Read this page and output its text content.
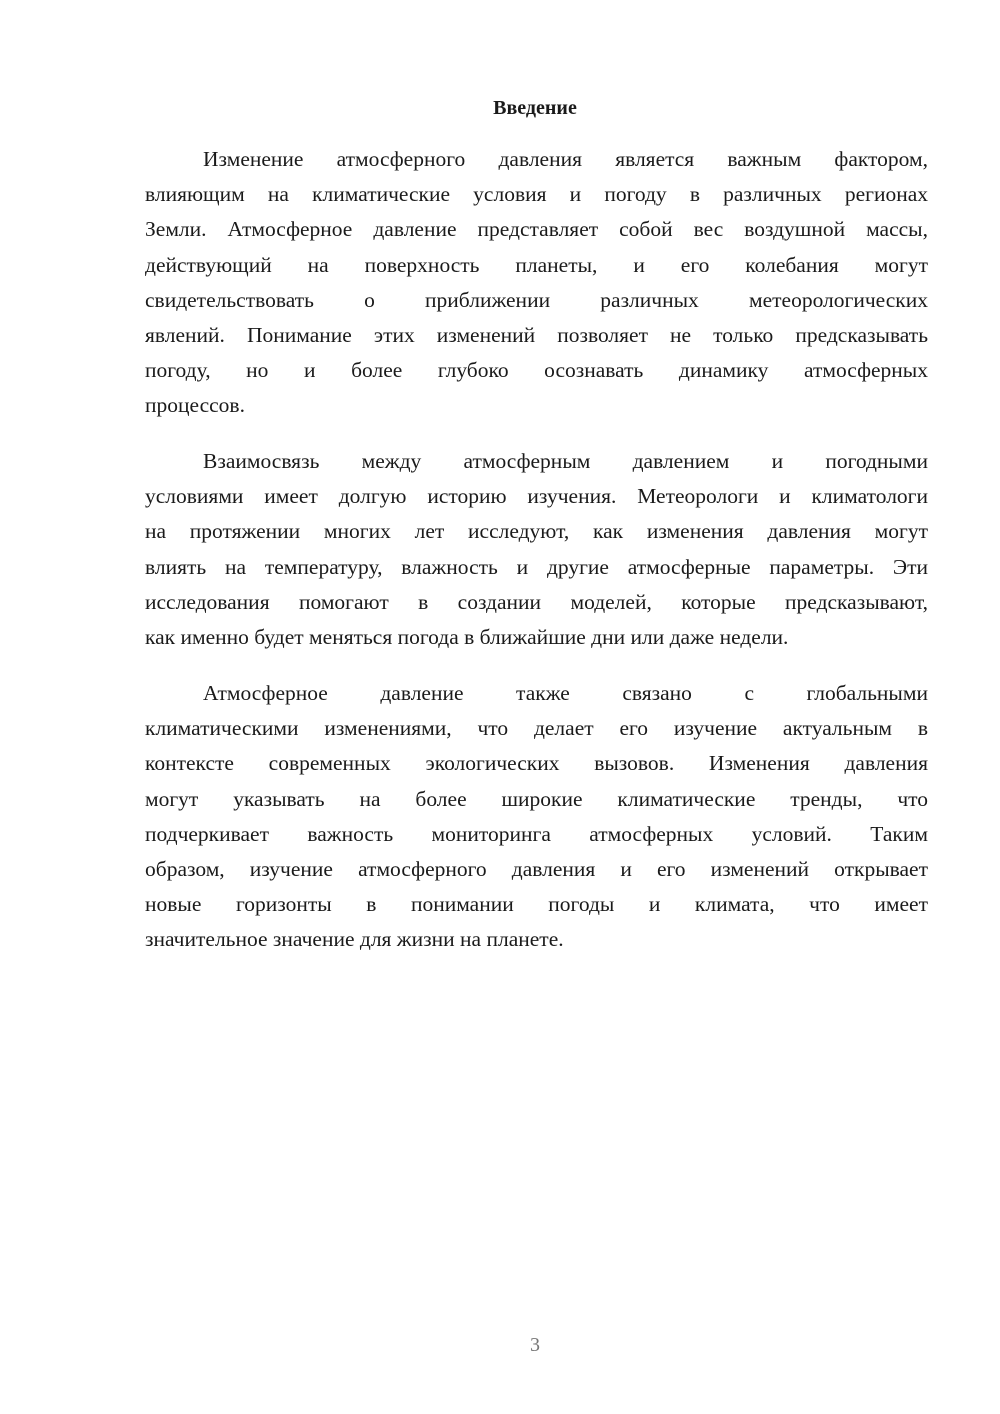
Введение
Изменение атмосферного давления является важным фактором,
влияющим на климатические условия и погоду в различных регионах
Земли. Атмосферное давление представляет собой вес воздушной массы,
действующий на поверхность планеты, и его колебания могут
свидетельствовать о приближении различных метеорологических
явлений. Понимание этих изменений позволяет не только предсказывать
погоду, но и более глубоко осознавать динамику атмосферных
процессов.
Взаимосвязь между атмосферным давлением и погодными
условиями имеет долгую историю изучения. Метеорологи и климатологи
на протяжении многих лет исследуют, как изменения давления могут
влиять на температуру, влажность и другие атмосферные параметры. Эти
исследования помогают в создании моделей, которые предсказывают,
как именно будет меняться погода в ближайшие дни или даже недели.
Атмосферное давление также связано с глобальными
климатическими изменениями, что делает его изучение актуальным в
контексте современных экологических вызовов. Изменения давления
могут указывать на более широкие климатические тренды, что
подчеркивает важность мониторинга атмосферных условий. Таким
образом, изучение атмосферного давления и его изменений открывает
новые горизонты в понимании погоды и климата, что имеет
значительное значение для жизни на планете.
3
